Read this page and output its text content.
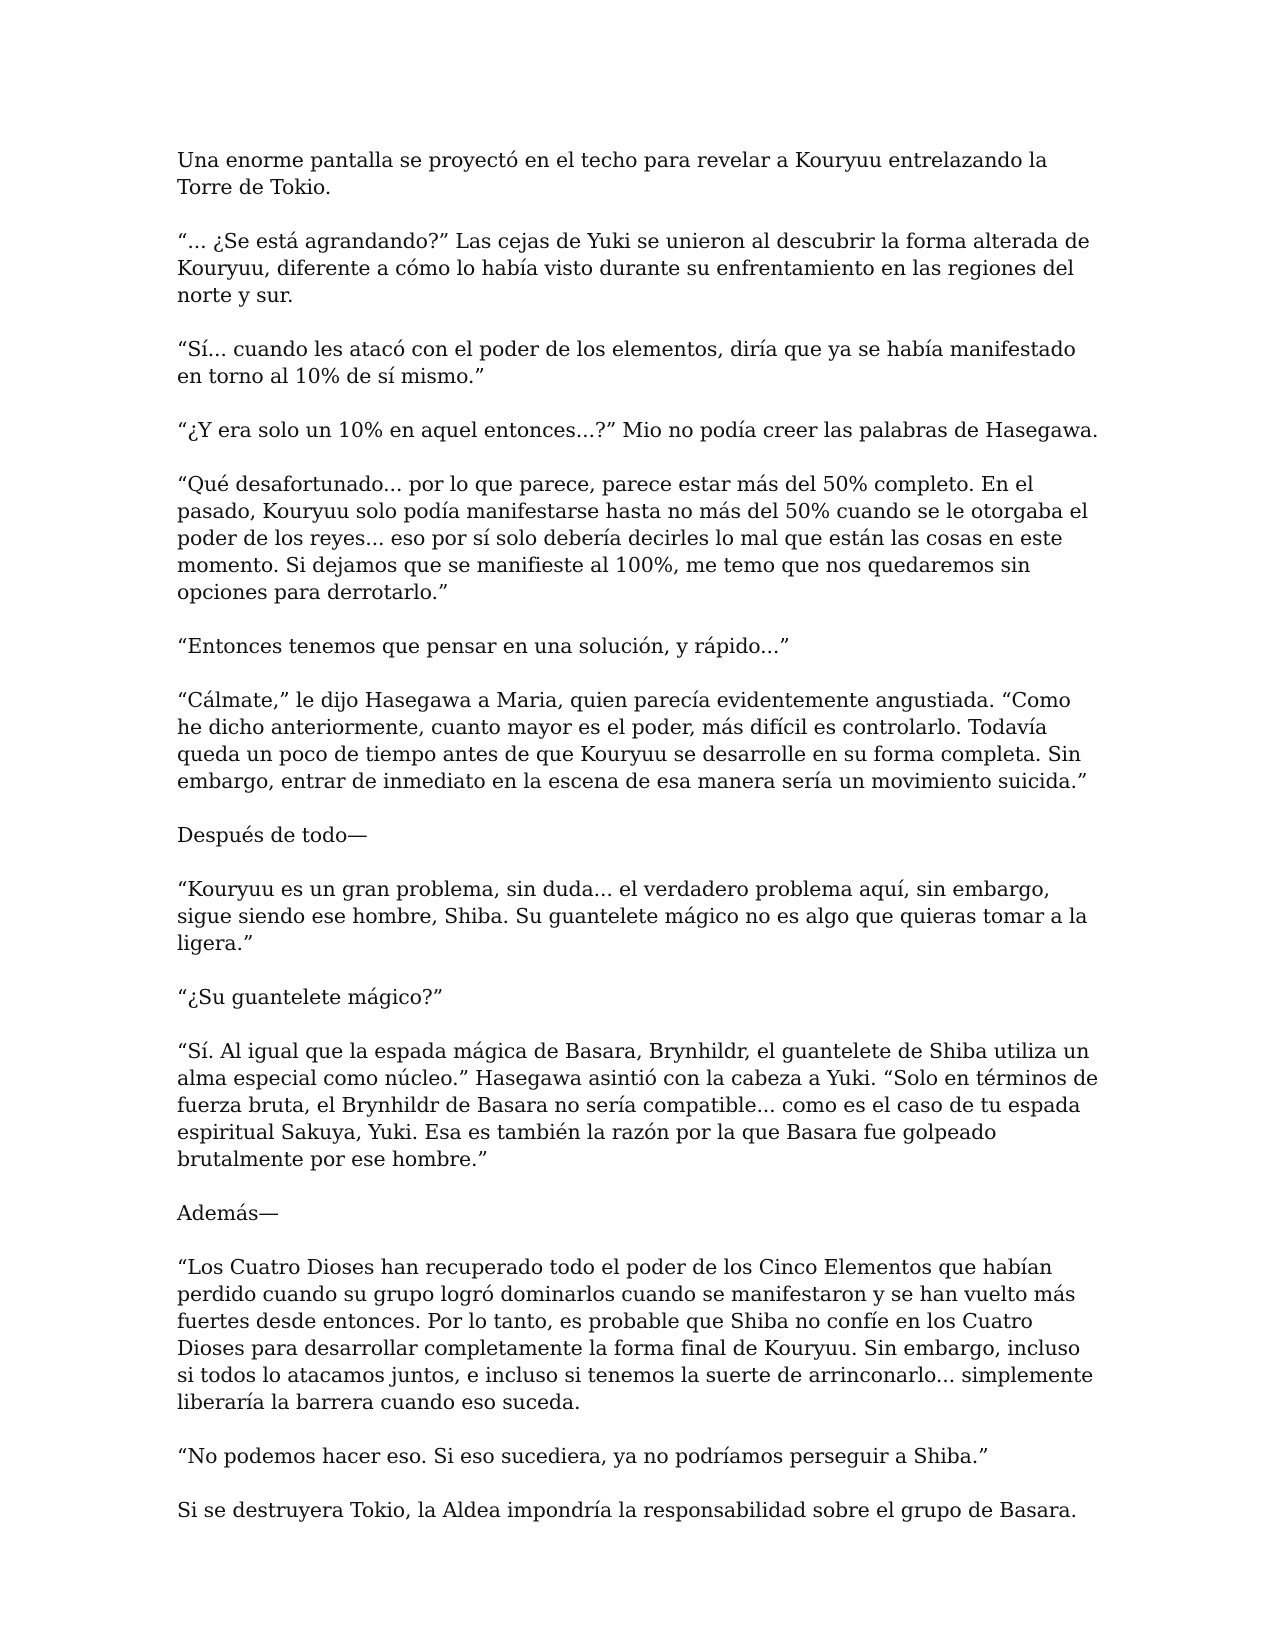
Una enorme pantalla se proyectó en el techo para revelar a Kouryuu entrelazando la Torre de Tokio.

“... ¿Se está agrandando?” Las cejas de Yuki se unieron al descubrir la forma alterada de Kouryuu, diferente a cómo lo había visto durante su enfrentamiento en las regiones del norte y sur.

“Sí... cuando les atacó con el poder de los elementos, diría que ya se había manifestado en torno al 10% de sí mismo.”

“¿Y era solo un 10% en aquel entonces...?” Mio no podía creer las palabras de Hasegawa.

“Qué desafortunado... por lo que parece, parece estar más del 50% completo. En el pasado, Kouryuu solo podía manifestarse hasta no más del 50% cuando se le otorgaba el poder de los reyes... eso por sí solo debería decirles lo mal que están las cosas en este momento. Si dejamos que se manifieste al 100%, me temo que nos quedaremos sin opciones para derrotarlo.”

“Entonces tenemos que pensar en una solución, y rápido...”

“Cálmate,” le dijo Hasegawa a Maria, quien parecía evidentemente angustiada. “Como he dicho anteriormente, cuanto mayor es el poder, más difícil es controlarlo. Todavía queda un poco de tiempo antes de que Kouryuu se desarrolle en su forma completa. Sin embargo, entrar de inmediato en la escena de esa manera sería un movimiento suicida.”

Después de todo—

“Kouryuu es un gran problema, sin duda... el verdadero problema aquí, sin embargo, sigue siendo ese hombre, Shiba. Su guantelete mágico no es algo que quieras tomar a la ligera.”

“¿Su guantelete mágico?”

“Sí. Al igual que la espada mágica de Basara, Brynhildr, el guantelete de Shiba utiliza un alma especial como núcleo.” Hasegawa asintió con la cabeza a Yuki. “Solo en términos de fuerza bruta, el Brynhildr de Basara no sería compatible... como es el caso de tu espada espiritual Sakuya, Yuki. Esa es también la razón por la que Basara fue golpeado brutalmente por ese hombre.”

Además—

“Los Cuatro Dioses han recuperado todo el poder de los Cinco Elementos que habían perdido cuando su grupo logró dominarlos cuando se manifestaron y se han vuelto más fuertes desde entonces. Por lo tanto, es probable que Shiba no confíe en los Cuatro Dioses para desarrollar completamente la forma final de Kouryuu. Sin embargo, incluso si todos lo atacamos juntos, e incluso si tenemos la suerte de arrinconarlo... simplemente liberaría la barrera cuando eso suceda.

“No podemos hacer eso. Si eso sucediera, ya no podríamos perseguir a Shiba.”

Si se destruyera Tokio, la Aldea impondría la responsabilidad sobre el grupo de Basara.
